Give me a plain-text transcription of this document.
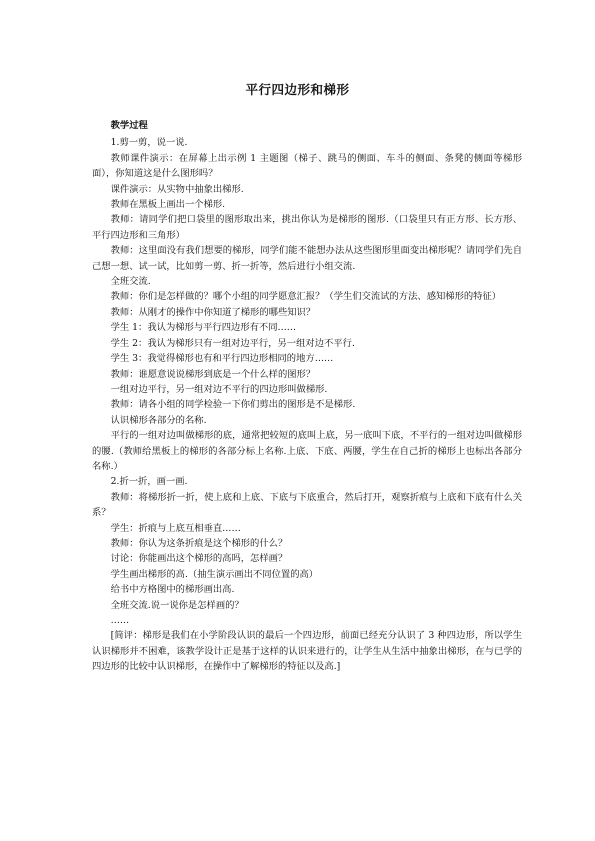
平行四边形和梯形
教学过程

1.剪一剪，说一说.

教师课件演示：在屏幕上出示例 1 主题图（梯子、跳马的侧面、车斗的侧面、条凳的侧面等梯形面），你知道这是什么图形吗？

课件演示：从实物中抽象出梯形.

教师在黑板上画出一个梯形.

教师：请同学们把口袋里的图形取出来，挑出你认为是梯形的图形.（口袋里只有正方形、长方形、平行四边形和三角形）

教师：这里面没有我们想要的梯形，同学们能不能想办法从这些图形里面变出梯形呢？请同学们先自己想一想、试一试，比如剪一剪、折一折等，然后进行小组交流.

全班交流.

教师：你们是怎样做的？哪个小组的同学愿意汇报？（学生们交流试的方法、感知梯形的特征）

教师：从刚才的操作中你知道了梯形的哪些知识？

学生 1：我认为梯形与平行四边形有不同……

学生 2：我认为梯形只有一组对边平行，另一组对边不平行.

学生 3：我觉得梯形也有和平行四边形相同的地方……

教师：谁愿意说说梯形到底是一个什么样的图形？

一组对边平行，另一组对边不平行的四边形叫做梯形.

教师：请各小组的同学检验一下你们剪出的图形是不是梯形.

认识梯形各部分的名称.

平行的一组对边叫做梯形的底，通常把较短的底叫上底，另一底叫下底，不平行的一组对边叫做梯形的腰.（教师给黑板上的梯形的各部分标上名称.上底、下底、两腰，学生在自己折的梯形上也标出各部分名称.）

2.折一折，画一画.

教师：将梯形折一折，使上底和上底、下底与下底重合，然后打开，观察折痕与上底和下底有什么关系？

学生：折痕与上底互相垂直……

教师：你认为这条折痕是这个梯形的什么？

讨论：你能画出这个梯形的高吗，怎样画？

学生画出梯形的高.（抽生演示画出不同位置的高）

给书中方格图中的梯形画出高.

全班交流.说一说你是怎样画的？

……

[简评：梯形是我们在小学阶段认识的最后一个四边形，前面已经充分认识了 3 种四边形，所以学生认识梯形并不困难，该教学设计正是基于这样的认识来进行的，让学生从生活中抽象出梯形，在与已学的四边形的比较中认识梯形，在操作中了解梯形的特征以及高.]
